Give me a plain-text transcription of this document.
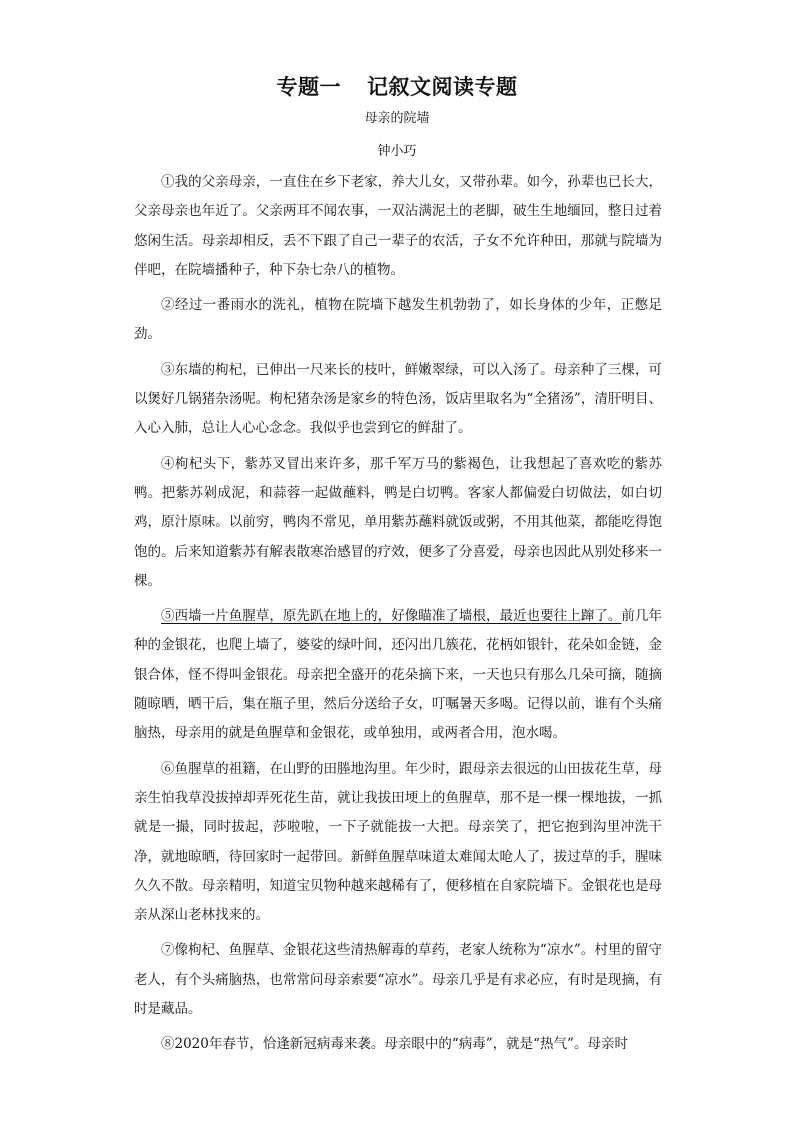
专题一 记叙文阅读专题
母亲的院墙
钟小巧

①我的父亲母亲，一直住在乡下老家，养大儿女，又带孙辈。如今，孙辈也已长大，父亲母亲也年近了。父亲两耳不闻农事，一双沾满泥土的老脚，破生生地缅回，整日过着悠闲生活。母亲却相反，丢不下跟了自己一辈子的农活，子女不允许种田，那就与院墙为伴吧，在院墙播种子，种下杂七杂八的植物。

②经过一番雨水的洗礼，植物在院墙下越发生机勃勃了，如长身体的少年，正憋足劲。

③东墙的枸杞，已伸出一尺来长的枝叶，鲜嫩翠绿，可以入汤了。母亲种了三棵，可以煲好几锅猪杂汤呢。枸杞猪杂汤是家乡的特色汤，饭店里取名为“全猪汤”，清肝明目、入心入肺，总让人心心念念。我似乎也尝到它的鲜甜了。

④枸杞头下，紫苏叉冒出来许多，那千军万马的紫褐色，让我想起了喜欢吃的紫苏鸭。把紫苏剁成泥，和蒜蓉一起做蘸料，鸭是白切鸭。客家人都偏爱白切做法，如白切鸡，原汁原味。以前穷，鸭肉不常见，单用紫苏蘸料就饭或粥，不用其他菜，都能吃得饱饱的。后来知道紫苏有解表散寒治感冒的疗效，便多了分喜爱，母亲也因此从别处移来一棵。

⑤西墙一片鱼腥草，原先趴在地上的，好像瞄准了墙根，最近也要往上蹿了。前几年种的金银花，也爬上墙了，婆娑的绿叶间，还闪出几簇花，花柄如银针，花朵如金链，金银合体，怪不得叫金银花。母亲把全盛开的花朵摘下来，一天也只有那么几朵可摘，随摘随晾晒，晒干后，集在瓶子里，然后分送给子女，叮嘱暑天多喝。记得以前，谁有个头痛脑热，母亲用的就是鱼腥草和金银花，或单独用，或两者合用，泡水喝。

⑥鱼腥草的祖籍，在山野的田塍地沟里。年少时，跟母亲去很远的山田拔花生草，母亲生怕我草没拔掉却弄死花生苗，就让我拔田埂上的鱼腥草，那不是一棵一棵地拔，一抓就是一撮，同时拔起，莎啦啦，一下子就能拔一大把。母亲笑了，把它抱到沟里冲洗干净，就地晾晒，待回家时一起带回。新鲜鱼腥草味道太难闻太呛人了，拔过草的手，腥味久久不散。母亲精明，知道宝贝物种越来越稀有了，便移植在自家院墙下。金银花也是母亲从深山老林找来的。

⑦像枸杞、鱼腥草、金银花这些清热解毒的草药，老家人统称为“凉水”。村里的留守老人，有个头痛脑热，也常常问母亲索要“凉水”。母亲几乎是有求必应，有时是现摘，有时是藏品。

⑧2020年春节，恰逢新冠病毒来袭。母亲眼中的“病毒”，就是“热气”。母亲时
